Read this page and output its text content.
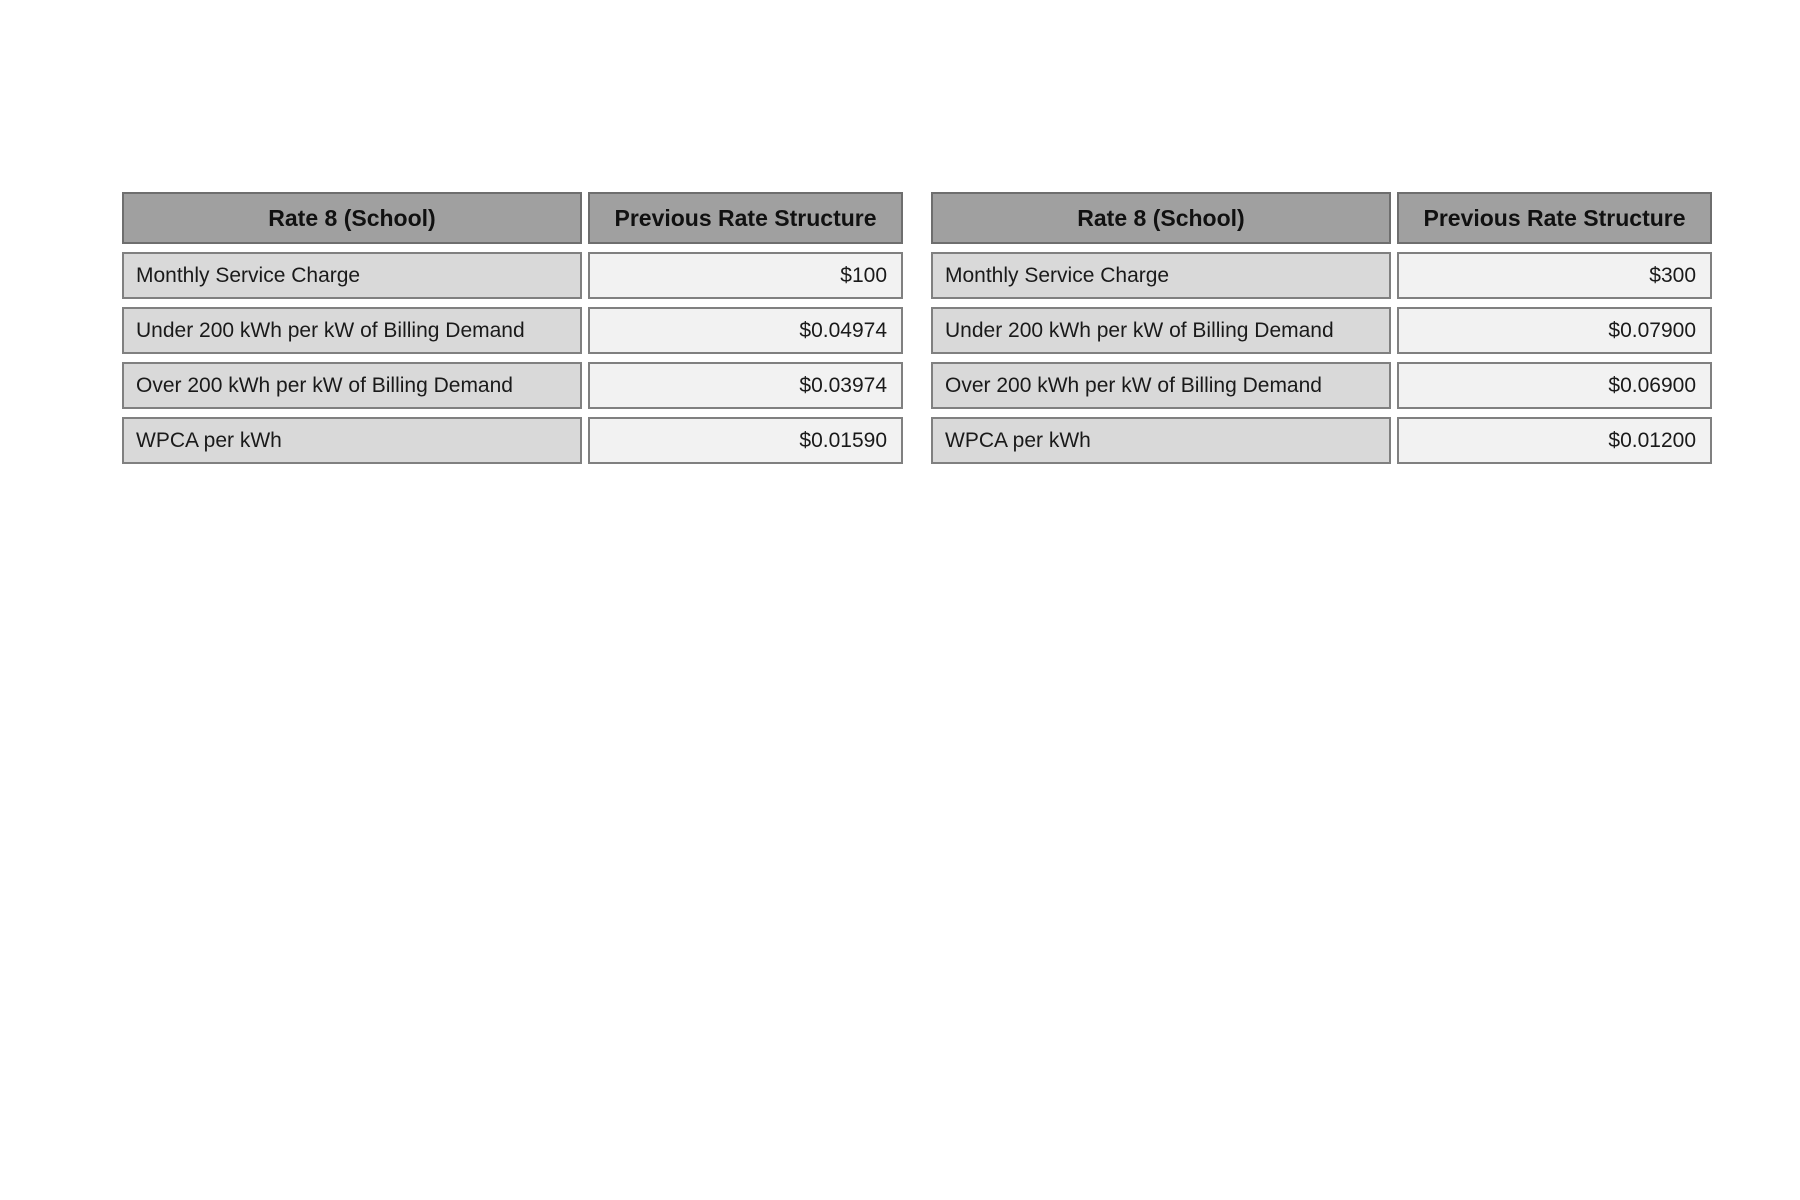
Rate 8 (School)	Previous Rate Structure
Monthly Service Charge	$100
Under 200 kWh per kW of Billing Demand	$0.04974
Over 200 kWh per kW of Billing Demand	$0.03974
WPCA per kWh	$0.01590
Rate 8 (School)	Previous Rate Structure
Monthly Service Charge	$300
Under 200 kWh per kW of Billing Demand	$0.07900
Over 200 kWh per kW of Billing Demand	$0.06900
WPCA per kWh	$0.01200
